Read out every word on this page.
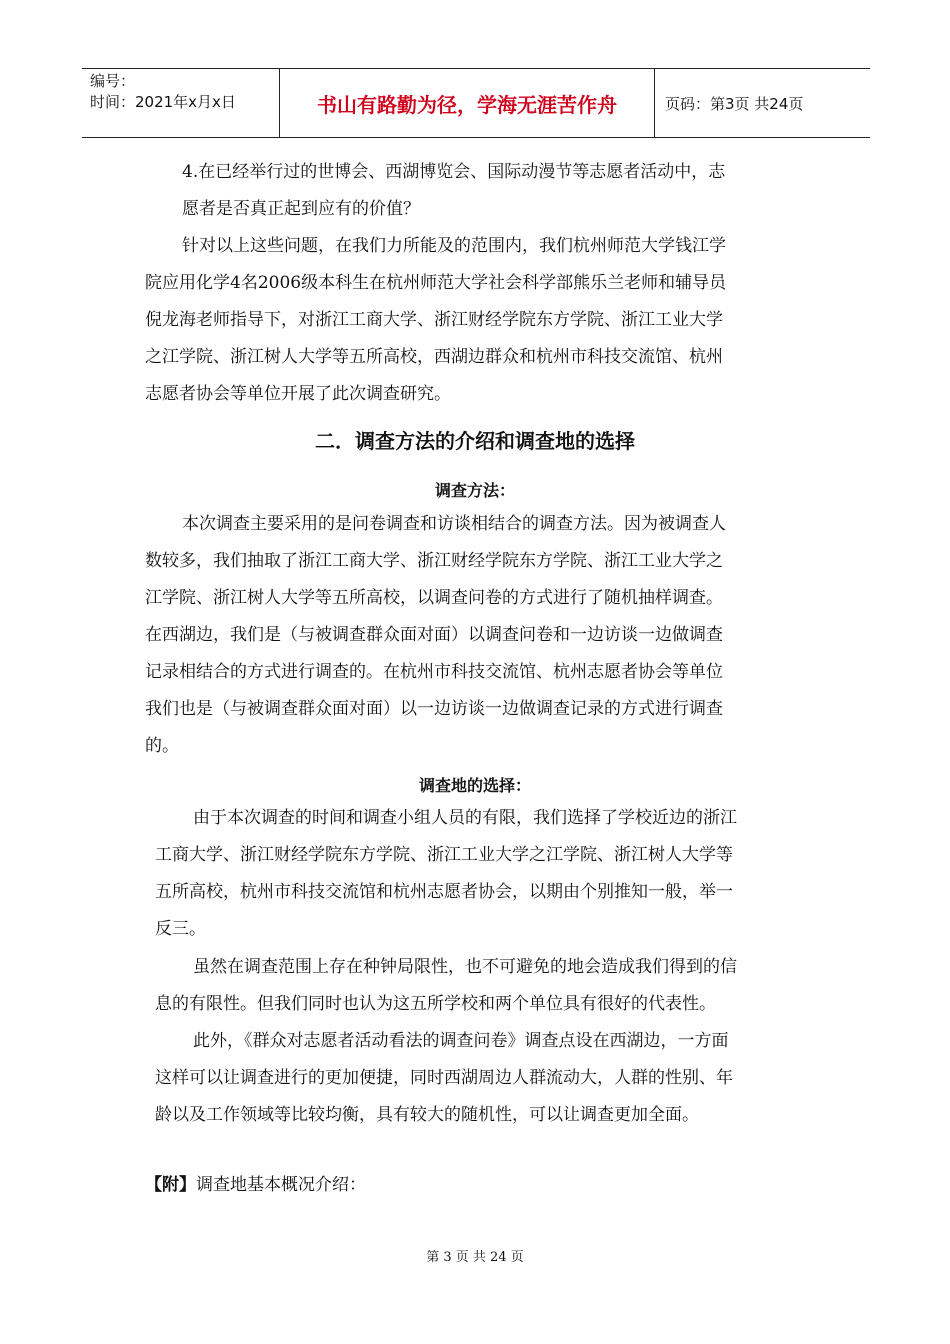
编号：
时间：2021年x月x日	书山有路勤为径，学海无涯苦作舟	页码：第3页 共24页
4.在已经举行过的世博会、西湖博览会、国际动漫节等志愿者活动中，志
愿者是否真正起到应有的价值？
针对以上这些问题，在我们力所能及的范围内，我们杭州师范大学钱江学
院应用化学4名2006级本科生在杭州师范大学社会科学部熊乐兰老师和辅导员
倪龙海老师指导下，对浙江工商大学、浙江财经学院东方学院、浙江工业大学
之江学院、浙江树人大学等五所高校，西湖边群众和杭州市科技交流馆、杭州
志愿者协会等单位开展了此次调查研究。
二．调查方法的介绍和调查地的选择
调查方法：
本次调查主要采用的是问卷调查和访谈相结合的调查方法。因为被调查人
数较多，我们抽取了浙江工商大学、浙江财经学院东方学院、浙江工业大学之
江学院、浙江树人大学等五所高校，以调查问卷的方式进行了随机抽样调查。
在西湖边，我们是（与被调查群众面对面）以调查问卷和一边访谈一边做调查
记录相结合的方式进行调查的。在杭州市科技交流馆、杭州志愿者协会等单位
我们也是（与被调查群众面对面）以一边访谈一边做调查记录的方式进行调查
的。
调查地的选择：
由于本次调查的时间和调查小组人员的有限，我们选择了学校近边的浙江
工商大学、浙江财经学院东方学院、浙江工业大学之江学院、浙江树人大学等
五所高校，杭州市科技交流馆和杭州志愿者协会，以期由个别推知一般，举一
反三。
虽然在调查范围上存在种钟局限性，也不可避免的地会造成我们得到的信
息的有限性。但我们同时也认为这五所学校和两个单位具有很好的代表性。
此外，《群众对志愿者活动看法的调查问卷》调查点设在西湖边，一方面
这样可以让调查进行的更加便捷，同时西湖周边人群流动大，人群的性别、年
龄以及工作领域等比较均衡，具有较大的随机性，可以让调查更加全面。
【附】调查地基本概况介绍：
第 3 页 共 24 页
